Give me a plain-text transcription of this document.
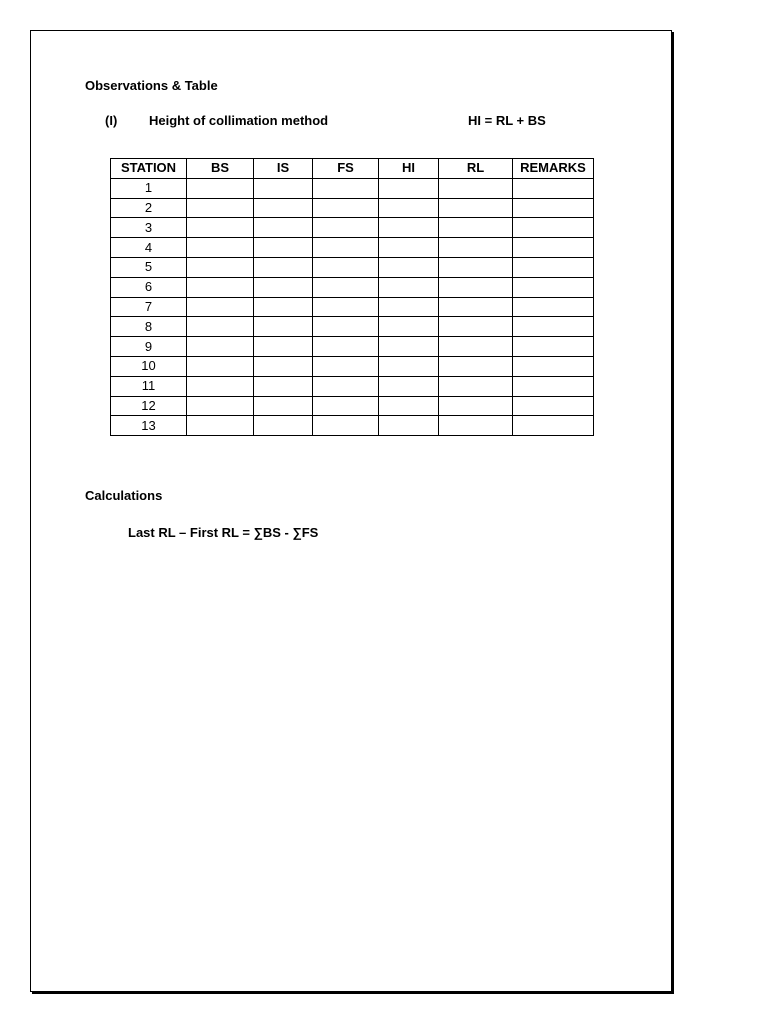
Observations & Table
(I) Height of collimation method	HI = RL + BS
STATION	BS	IS	FS	HI	RL	REMARKS
1						
2						
3						
4						
5						
6						
7						
8						
9						
10						
11						
12						
13						
Calculations
Last RL – First RL = ∑BS - ∑FS
